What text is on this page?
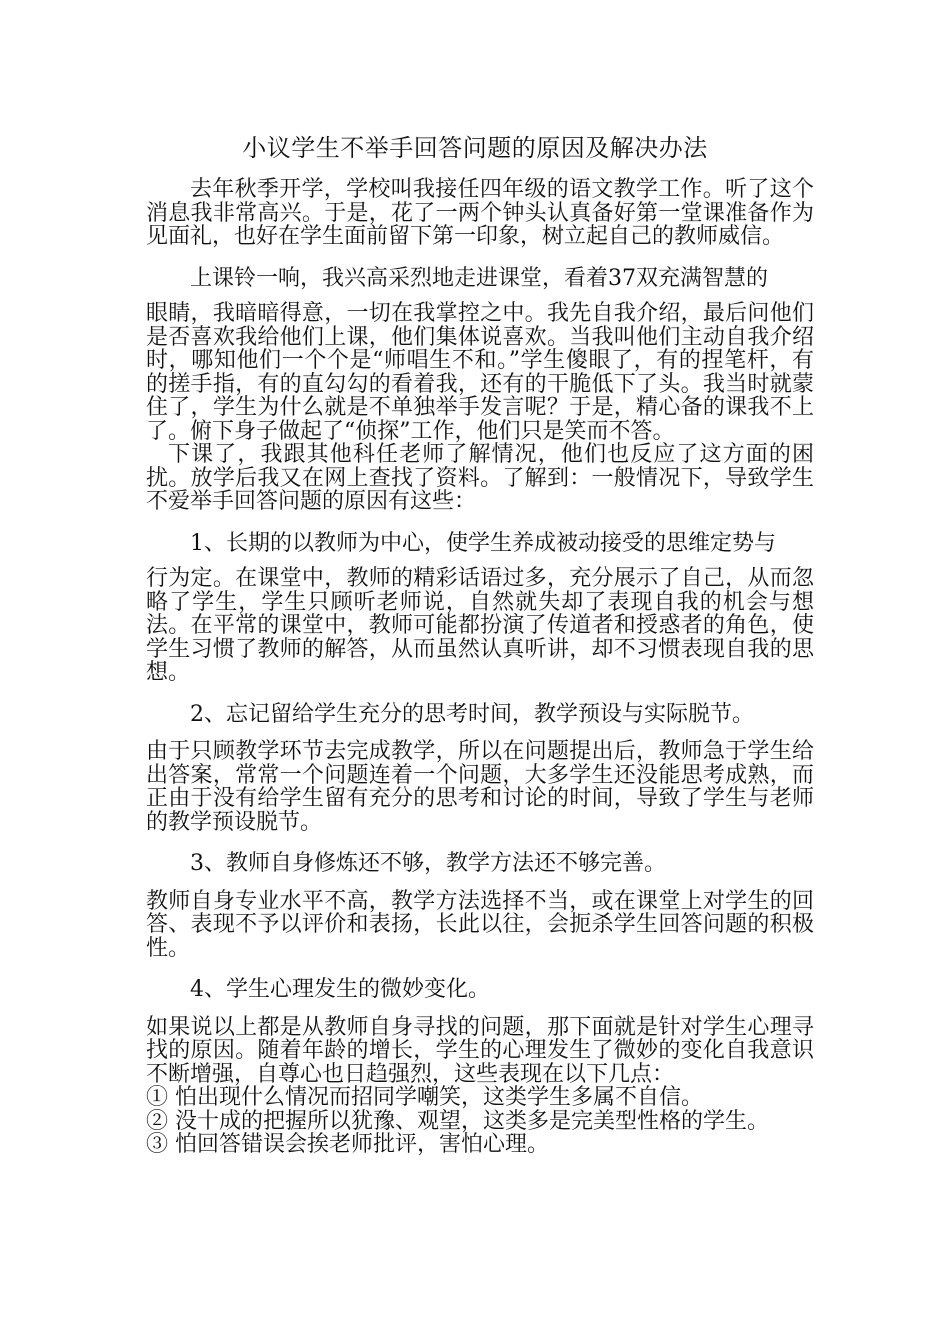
小议学生不举手回答问题的原因及解决办法

去年秋季开学，学校叫我接任四年级的语文教学工作。听了这个消息我非常高兴。于是，花了一两个钟头认真备好第一堂课准备作为见面礼，也好在学生面前留下第一印象，树立起自己的教师威信。

上课铃一响，我兴高采烈地走进课堂，看着37双充满智慧的

眼睛，我暗暗得意，一切在我掌控之中。我先自我介绍，最后问他们是否喜欢我给他们上课，他们集体说喜欢。当我叫他们主动自我介绍时，哪知他们一个个是“师唱生不和。”学生傻眼了，有的捏笔杆，有的搓手指，有的直勾勾的看着我，还有的干脆低下了头。我当时就蒙住了，学生为什么就是不单独举手发言呢？于是，精心备的课我不上了。俯下身子做起了“侦探”工作，他们只是笑而不答。

下课了，我跟其他科任老师了解情况，他们也反应了这方面的困扰。放学后我又在网上查找了资料。了解到：一般情况下，导致学生不爱举手回答问题的原因有这些：

1、长期的以教师为中心，使学生养成被动接受的思维定势与

行为定。在课堂中，教师的精彩话语过多，充分展示了自己，从而忽略了学生，学生只顾听老师说，自然就失却了表现自我的机会与想法。在平常的课堂中，教师可能都扮演了传道者和授惑者的角色，使学生习惯了教师的解答，从而虽然认真听讲，却不习惯表现自我的思想。

2、忘记留给学生充分的思考时间，教学预设与实际脱节。

由于只顾教学环节去完成教学，所以在问题提出后，教师急于学生给出答案，常常一个问题连着一个问题，大多学生还没能思考成熟，而正由于没有给学生留有充分的思考和讨论的时间，导致了学生与老师的教学预设脱节。

3、教师自身修炼还不够，教学方法还不够完善。

教师自身专业水平不高，教学方法选择不当，或在课堂上对学生的回答、表现不予以评价和表扬，长此以往，会扼杀学生回答问题的积极性。

4、学生心理发生的微妙变化。

如果说以上都是从教师自身寻找的问题，那下面就是针对学生心理寻找的原因。随着年龄的增长，学生的心理发生了微妙的变化自我意识不断增强，自尊心也日趋强烈，这些表现在以下几点：

① 怕出现什么情况而招同学嘲笑，这类学生多属不自信。

② 没十成的把握所以犹豫、观望，这类多是完美型性格的学生。

③ 怕回答错误会挨老师批评，害怕心理。
